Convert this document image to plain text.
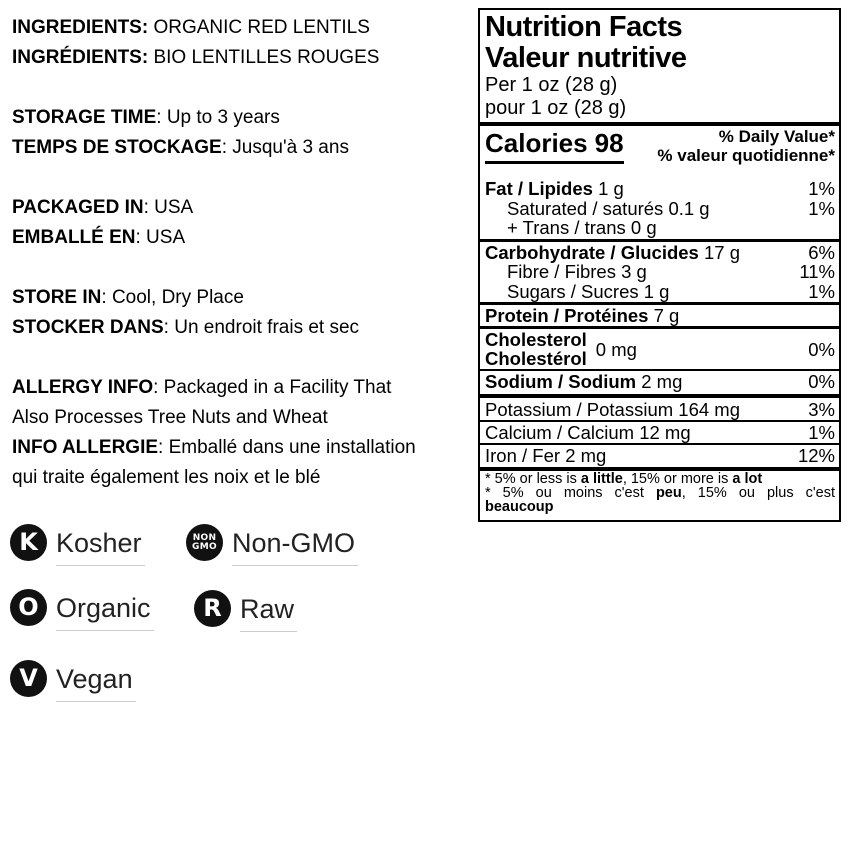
INGREDIENTS: ORGANIC RED LENTILS
INGRÉDIENTS: BIO LENTILLES ROUGES
STORAGE TIME: Up to 3 years
TEMPS DE STOCKAGE: Jusqu'à 3 ans
PACKAGED IN: USA
EMBALLÉ EN: USA
STORE IN: Cool, Dry Place
STOCKER DANS: Un endroit frais et sec
ALLERGY INFO: Packaged in a Facility That
Also Processes Tree Nuts and Wheat
INFO ALLERGIE: Emballé dans une installation
qui traite également les noix et le blé
K Kosher	NON
GMO Non-GMO
O Organic R Raw
V Vegan
Nutrition Facts
Valeur nutritive
Per 1 oz (28 g)
pour 1 oz (28 g)
Calories 98	% Daily Value*
% valeur quotidienne*
Fat / Lipides 1 g	1%
Saturated / saturés 0.1 g	1%
+ Trans / trans 0 g
Carbohydrate / Glucides 17 g	6%
Fibre / Fibres 3 g	11%
Sugars / Sucres 1 g	1%
Protein / Protéines 7 g
Cholesterol
Cholestérol 0 mg	0%
Sodium / Sodium 2 mg	0%
Potassium / Potassium 164 mg	3%
Calcium / Calcium 12 mg	1%
Iron / Fer 2 mg	12%
* 5% or less is a little, 15% or more is a lot
* 5% ou moins c'est peu, 15% ou plus c'est
beaucoup
